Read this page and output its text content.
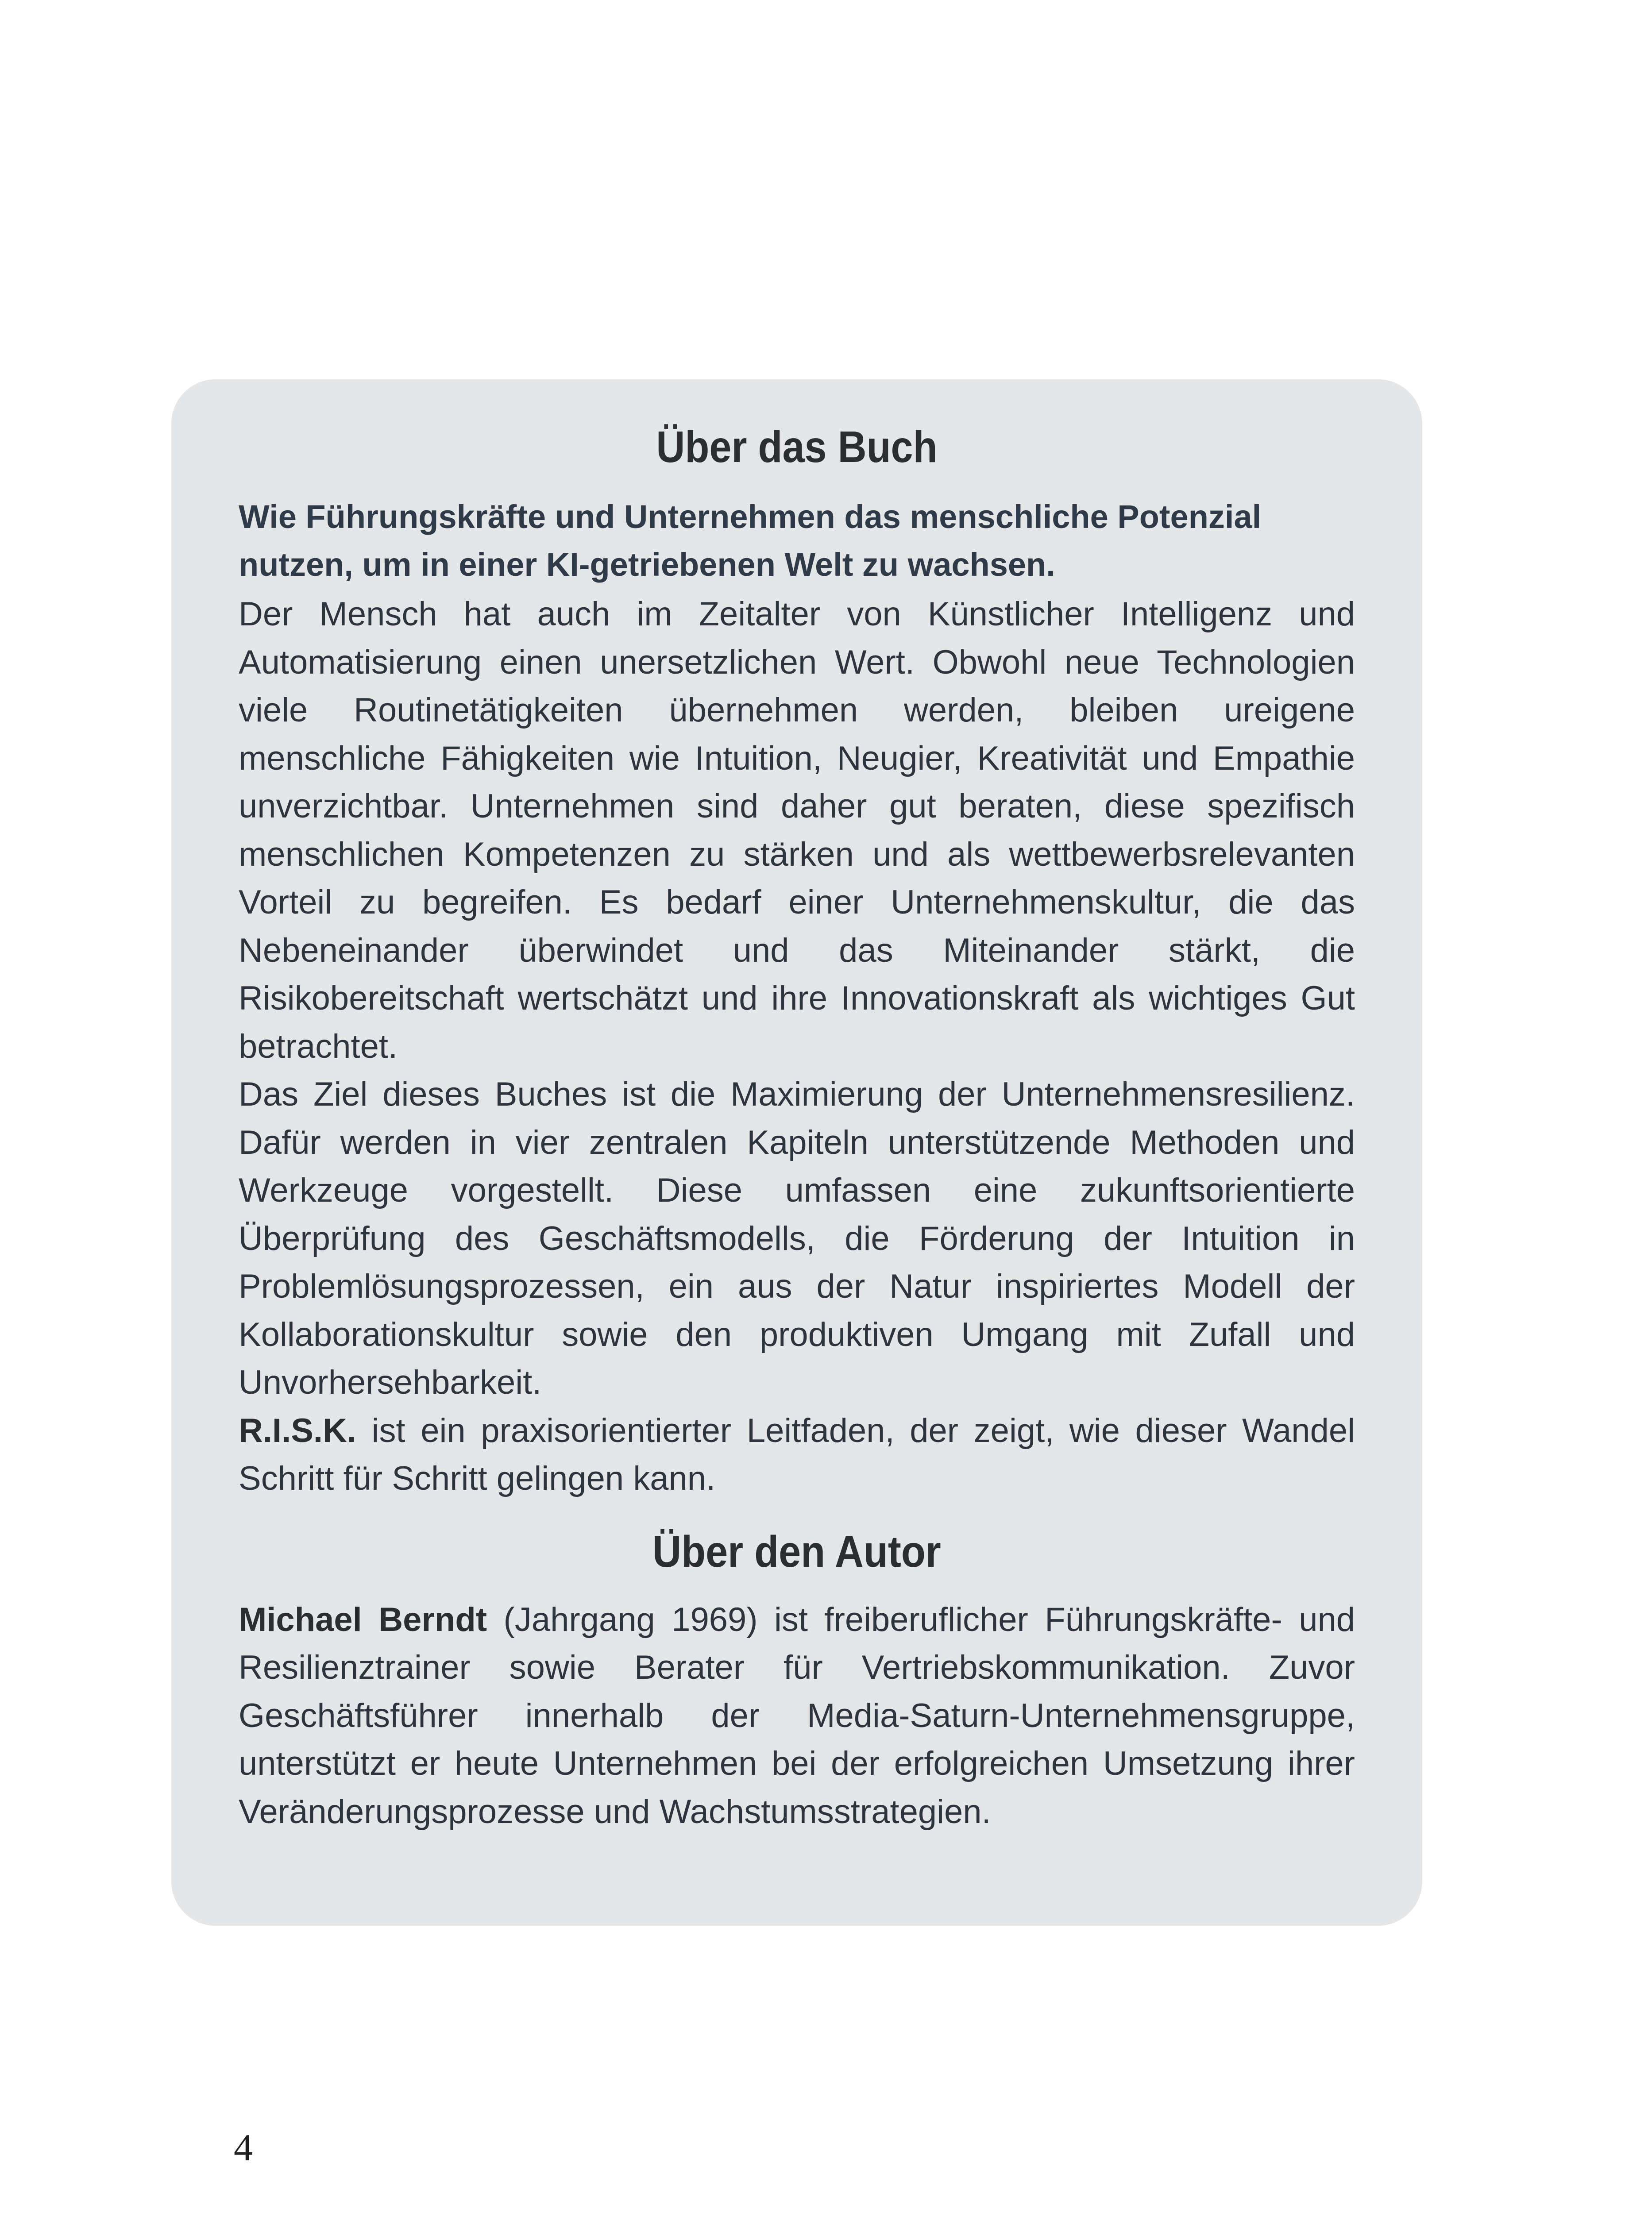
Über das Buch

Wie Führungskräfte und Unternehmen das menschliche Potenzial nutzen, um in einer KI-getriebenen Welt zu wachsen.

Der Mensch hat auch im Zeitalter von Künstlicher Intelligenz und Automatisierung einen unersetzlichen Wert. Obwohl neue Technologien viele Routinetätigkeiten übernehmen werden, bleiben ureigene menschliche Fähigkeiten wie Intuition, Neugier, Kreativität und Empathie unverzichtbar. Unternehmen sind daher gut beraten, diese spezifisch menschlichen Kompetenzen zu stärken und als wettbewerbsrelevanten Vorteil zu begreifen. Es bedarf einer Unternehmenskultur, die das Nebeneinander überwindet und das Miteinander stärkt, die Risikobereitschaft wertschätzt und ihre Innovationskraft als wichtiges Gut betrachtet.

Das Ziel dieses Buches ist die Maximierung der Unternehmensresilienz. Dafür werden in vier zentralen Kapiteln unterstützende Methoden und Werkzeuge vorgestellt. Diese umfassen eine zukunftsorientierte Überprüfung des Geschäftsmodells, die Förderung der Intuition in Problemlösungsprozessen, ein aus der Natur inspiriertes Modell der Kollaborationskultur sowie den produktiven Umgang mit Zufall und Unvorhersehbarkeit.

R.I.S.K. ist ein praxisorientierter Leitfaden, der zeigt, wie dieser Wandel Schritt für Schritt gelingen kann.

Über den Autor

Michael Berndt (Jahrgang 1969) ist freiberuflicher Führungskräfte- und Resilienztrainer sowie Berater für Vertriebskommunikation. Zuvor Geschäftsführer innerhalb der Media-Saturn-Unternehmensgruppe, unterstützt er heute Unternehmen bei der erfolgreichen Umsetzung ihrer Veränderungsprozesse und Wachstumsstrategien.

4
